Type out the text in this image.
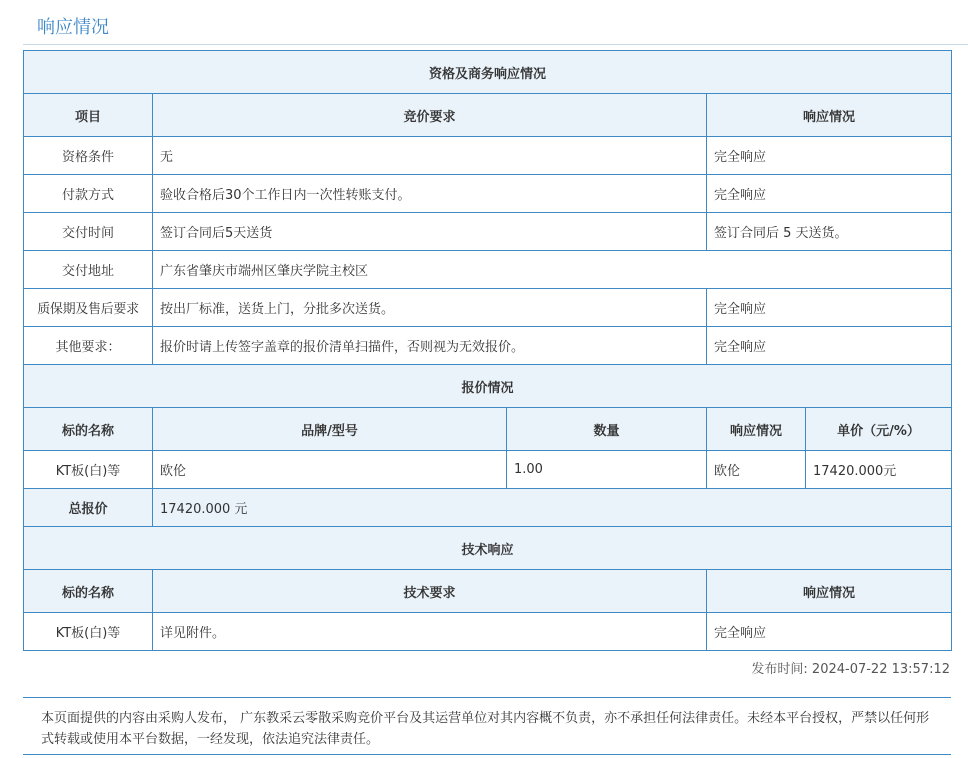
响应情况
资格及商务响应情况				
项目	竞价要求		响应情况	
资格条件	无		完全响应	
付款方式	验收合格后30个工作日内一次性转账支付。		完全响应	
交付时间	签订合同后5天送货		签订合同后 5 天送货。	
交付地址	广东省肇庆市端州区肇庆学院主校区			
质保期及售后要求	按出厂标准，送货上门，分批多次送货。		完全响应	
其他要求：	报价时请上传签字盖章的报价清单扫描件，否则视为无效报价。		完全响应	
报价情况				
标的名称	品牌/型号	数量	响应情况	单价（元/%）
KT板(白)等	欧伦	1.00	欧伦	17420.000元
总报价	17420.000 元			
技术响应				
标的名称	技术要求		响应情况	
KT板(白)等	详见附件。		完全响应	
发布时间: 2024-07-22 13:57:12
本页面提供的内容由采购人发布， 广东教采云零散采购竞价平台及其运营单位对其内容概不负责，亦不承担任何法律责任。未经本平台授权，严禁以任何形式转载或使用本平台数据，一经发现，依法追究法律责任。
